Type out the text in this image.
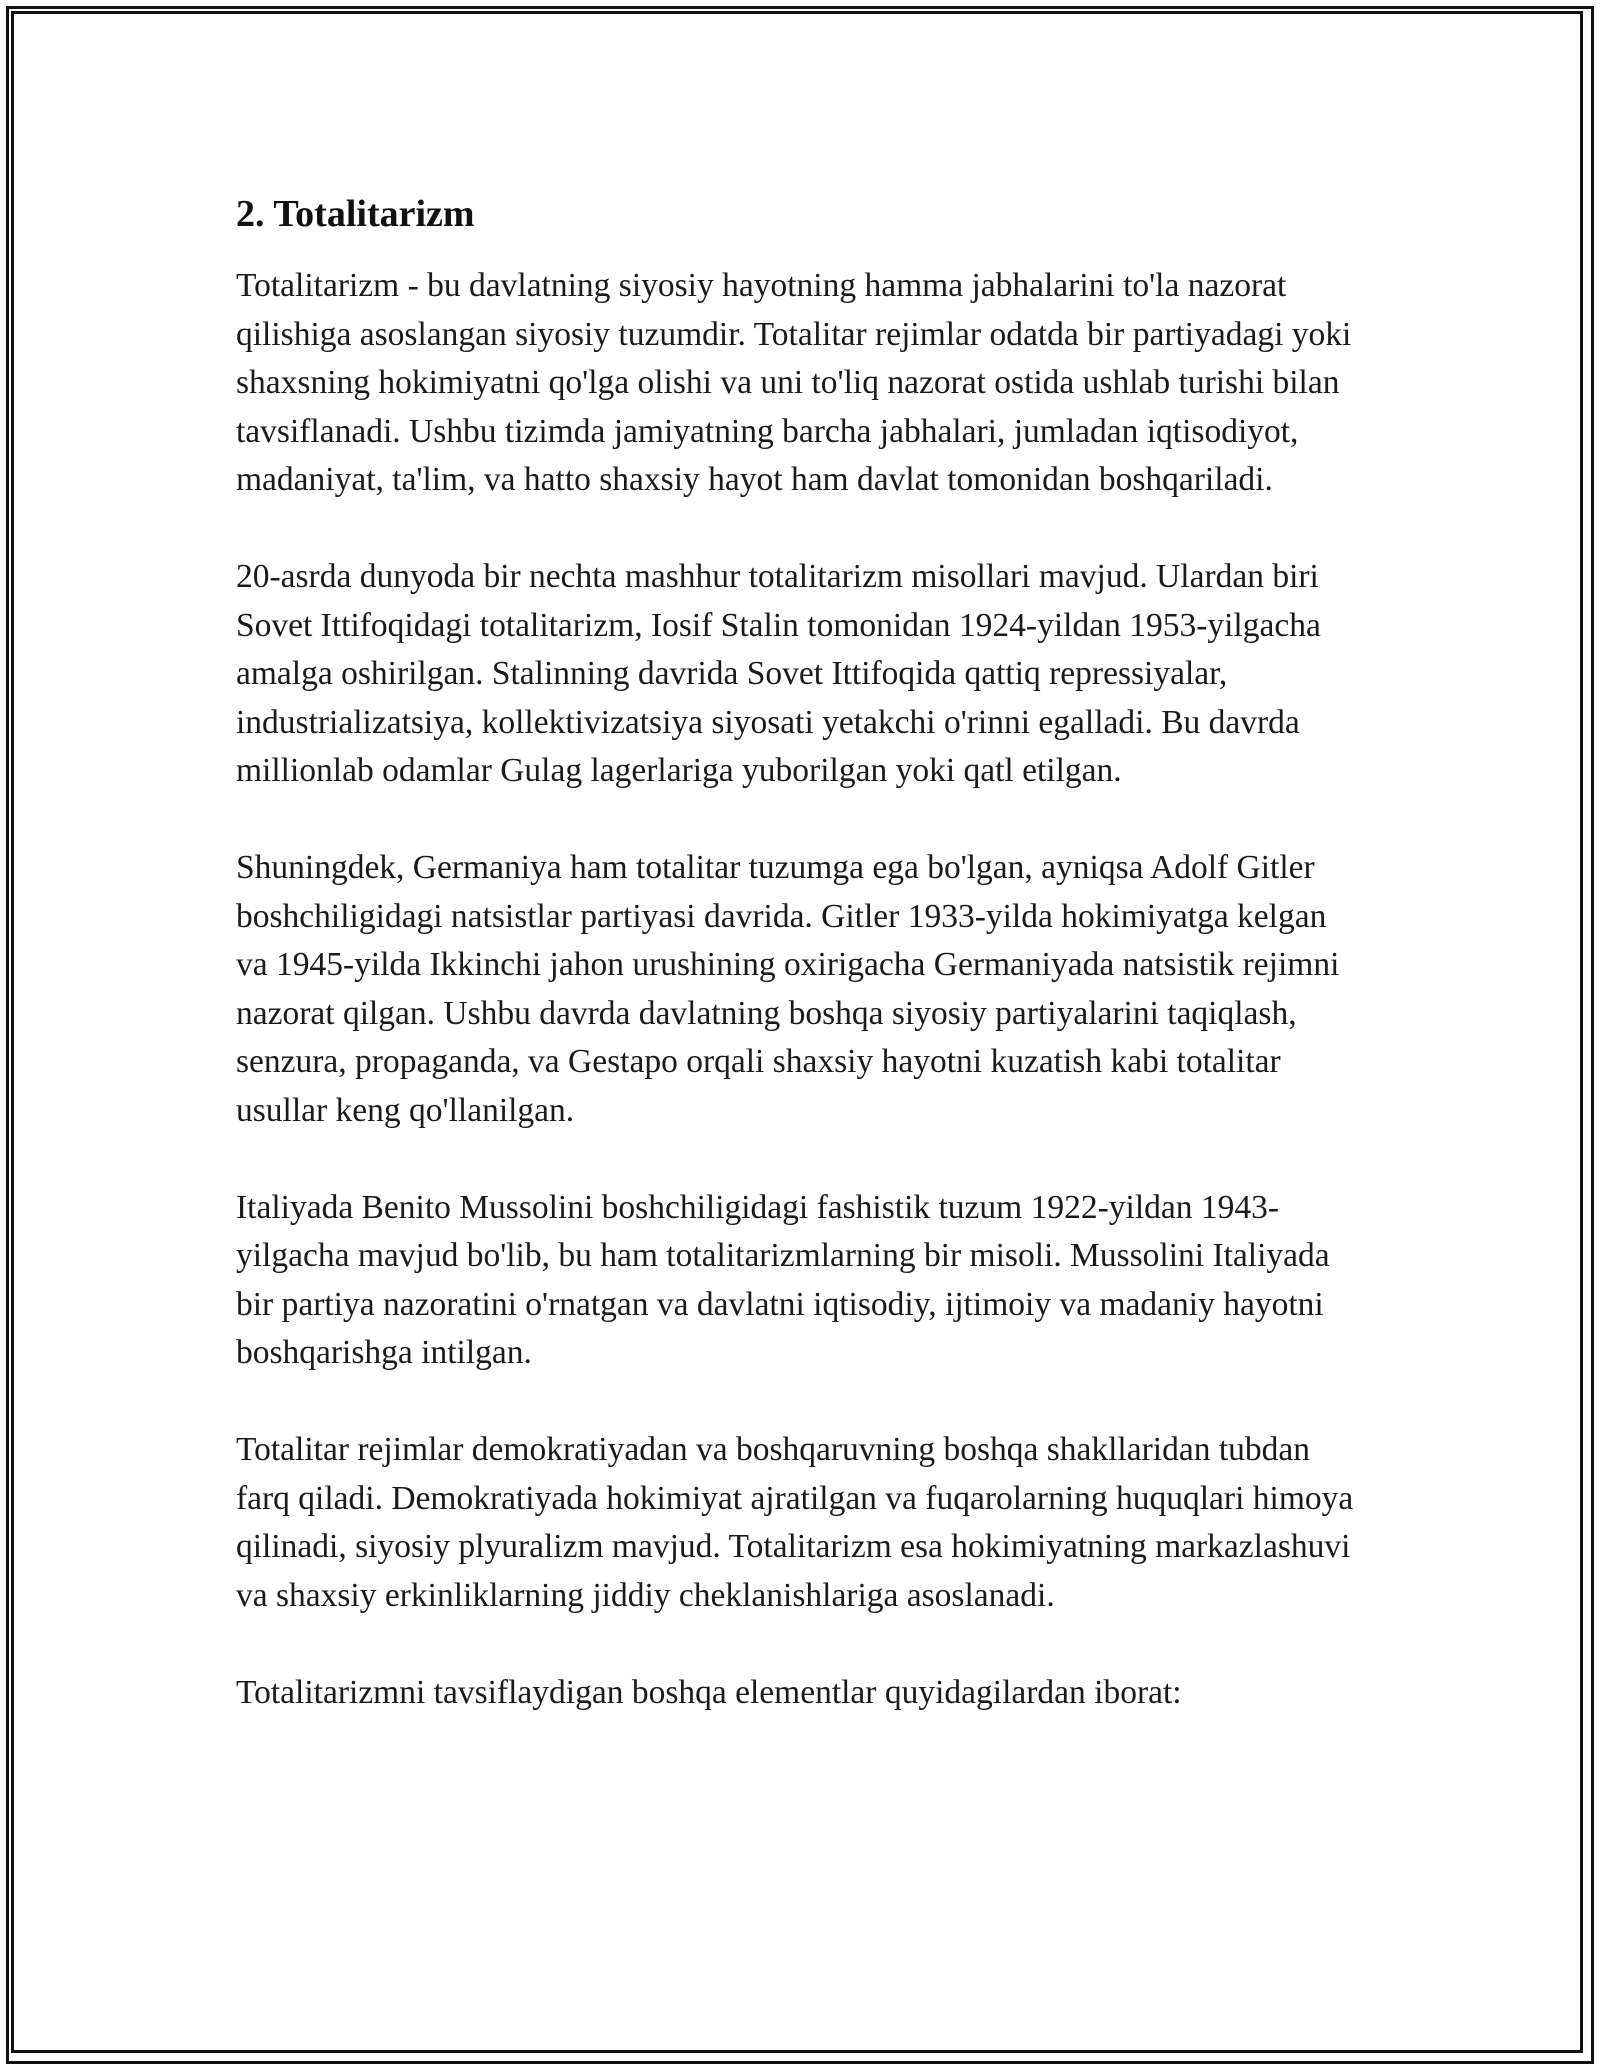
2. Totalitarizm

Totalitarizm - bu davlatning siyosiy hayotning hamma jabhalarini to'la nazorat qilishiga asoslangan siyosiy tuzumdir. Totalitar rejimlar odatda bir partiyadagi yoki shaxsning hokimiyatni qo'lga olishi va uni to'liq nazorat ostida ushlab turishi bilan tavsiflanadi. Ushbu tizimda jamiyatning barcha jabhalari, jumladan iqtisodiyot, madaniyat, ta'lim, va hatto shaxsiy hayot ham davlat tomonidan boshqariladi.

20-asrda dunyoda bir nechta mashhur totalitarizm misollari mavjud. Ulardan biri Sovet Ittifoqidagi totalitarizm, Iosif Stalin tomonidan 1924-yildan 1953-yilgacha amalga oshirilgan. Stalinning davrida Sovet Ittifoqida qattiq repressiyalar, industrializatsiya, kollektivizatsiya siyosati yetakchi o'rinni egalladi. Bu davrda millionlab odamlar Gulag lagerlariga yuborilgan yoki qatl etilgan.

Shuningdek, Germaniya ham totalitar tuzumga ega bo'lgan, ayniqsa Adolf Gitler boshchiligidagi natsistlar partiyasi davrida. Gitler 1933-yilda hokimiyatga kelgan va 1945-yilda Ikkinchi jahon urushining oxirigacha Germaniyada natsistik rejimni nazorat qilgan. Ushbu davrda davlatning boshqa siyosiy partiyalarini taqiqlash, senzura, propaganda, va Gestapo orqali shaxsiy hayotni kuzatish kabi totalitar usullar keng qo'llanilgan.

Italiyada Benito Mussolini boshchiligidagi fashistik tuzum 1922-yildan 1943-yilgacha mavjud bo'lib, bu ham totalitarizmlarning bir misoli. Mussolini Italiyada bir partiya nazoratini o'rnatgan va davlatni iqtisodiy, ijtimoiy va madaniy hayotni boshqarishga intilgan.

Totalitar rejimlar demokratiyadan va boshqaruvning boshqa shakllaridan tubdan farq qiladi. Demokratiyada hokimiyat ajratilgan va fuqarolarning huquqlari himoya qilinadi, siyosiy plyuralizm mavjud. Totalitarizm esa hokimiyatning markazlashuvi va shaxsiy erkinliklarning jiddiy cheklanishlariga asoslanadi.

Totalitarizmni tavsiflaydigan boshqa elementlar quyidagilardan iborat:
